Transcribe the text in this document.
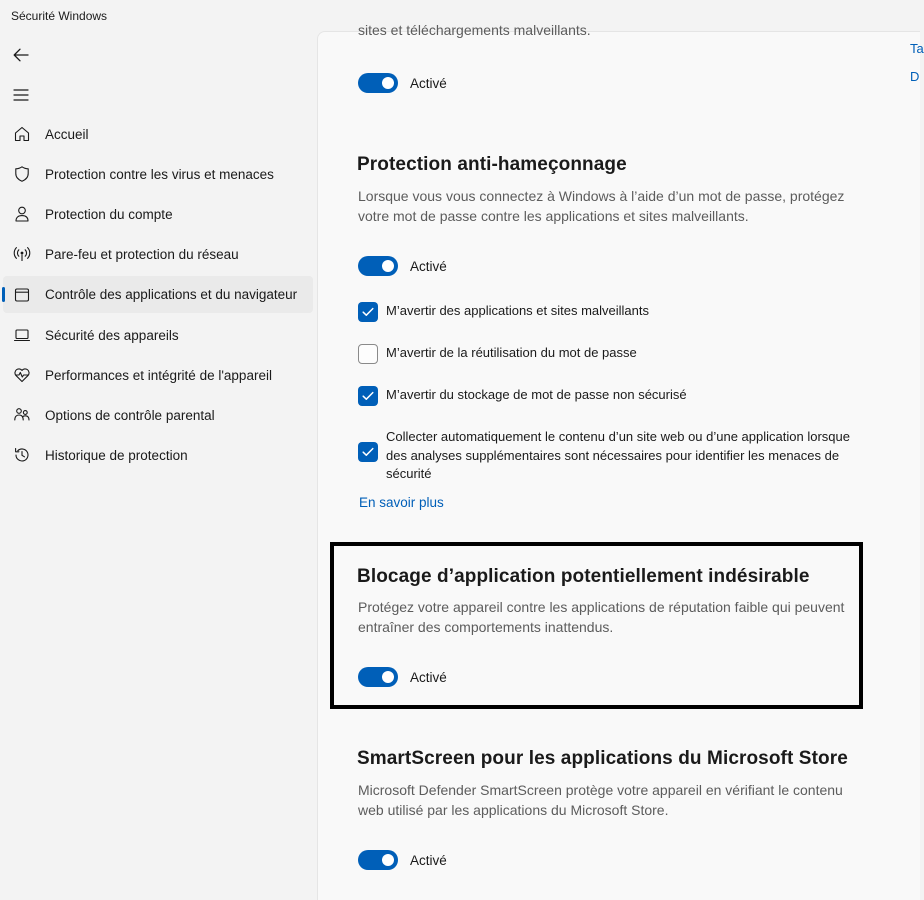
Sécurité Windows
Accueil
Protection contre les virus et menaces
Protection du compte
Pare-feu et protection du réseau
Contrôle des applications et du navigateur
Sécurité des appareils
Performances et intégrité de l'appareil
Options de contrôle parental
Historique de protection
sites et téléchargements malveillants.
Ta
D
Activé
Protection anti-hameçonnage
Lorsque vous vous connectez à Windows à l’aide d’un mot de passe, protégez votre mot de passe contre les applications et sites malveillants.
Activé
M’avertir des applications et sites malveillants
M’avertir de la réutilisation du mot de passe
M’avertir du stockage de mot de passe non sécurisé
Collecter automatiquement le contenu d’un site web ou d’une application lorsque des analyses supplémentaires sont nécessaires pour identifier les menaces de sécurité
En savoir plus
Blocage d’application potentiellement indésirable
Protégez votre appareil contre les applications de réputation faible qui peuvent entraîner des comportements inattendus.
Activé
SmartScreen pour les applications du Microsoft Store
Microsoft Defender SmartScreen protège votre appareil en vérifiant le contenu web utilisé par les applications du Microsoft Store.
Activé
